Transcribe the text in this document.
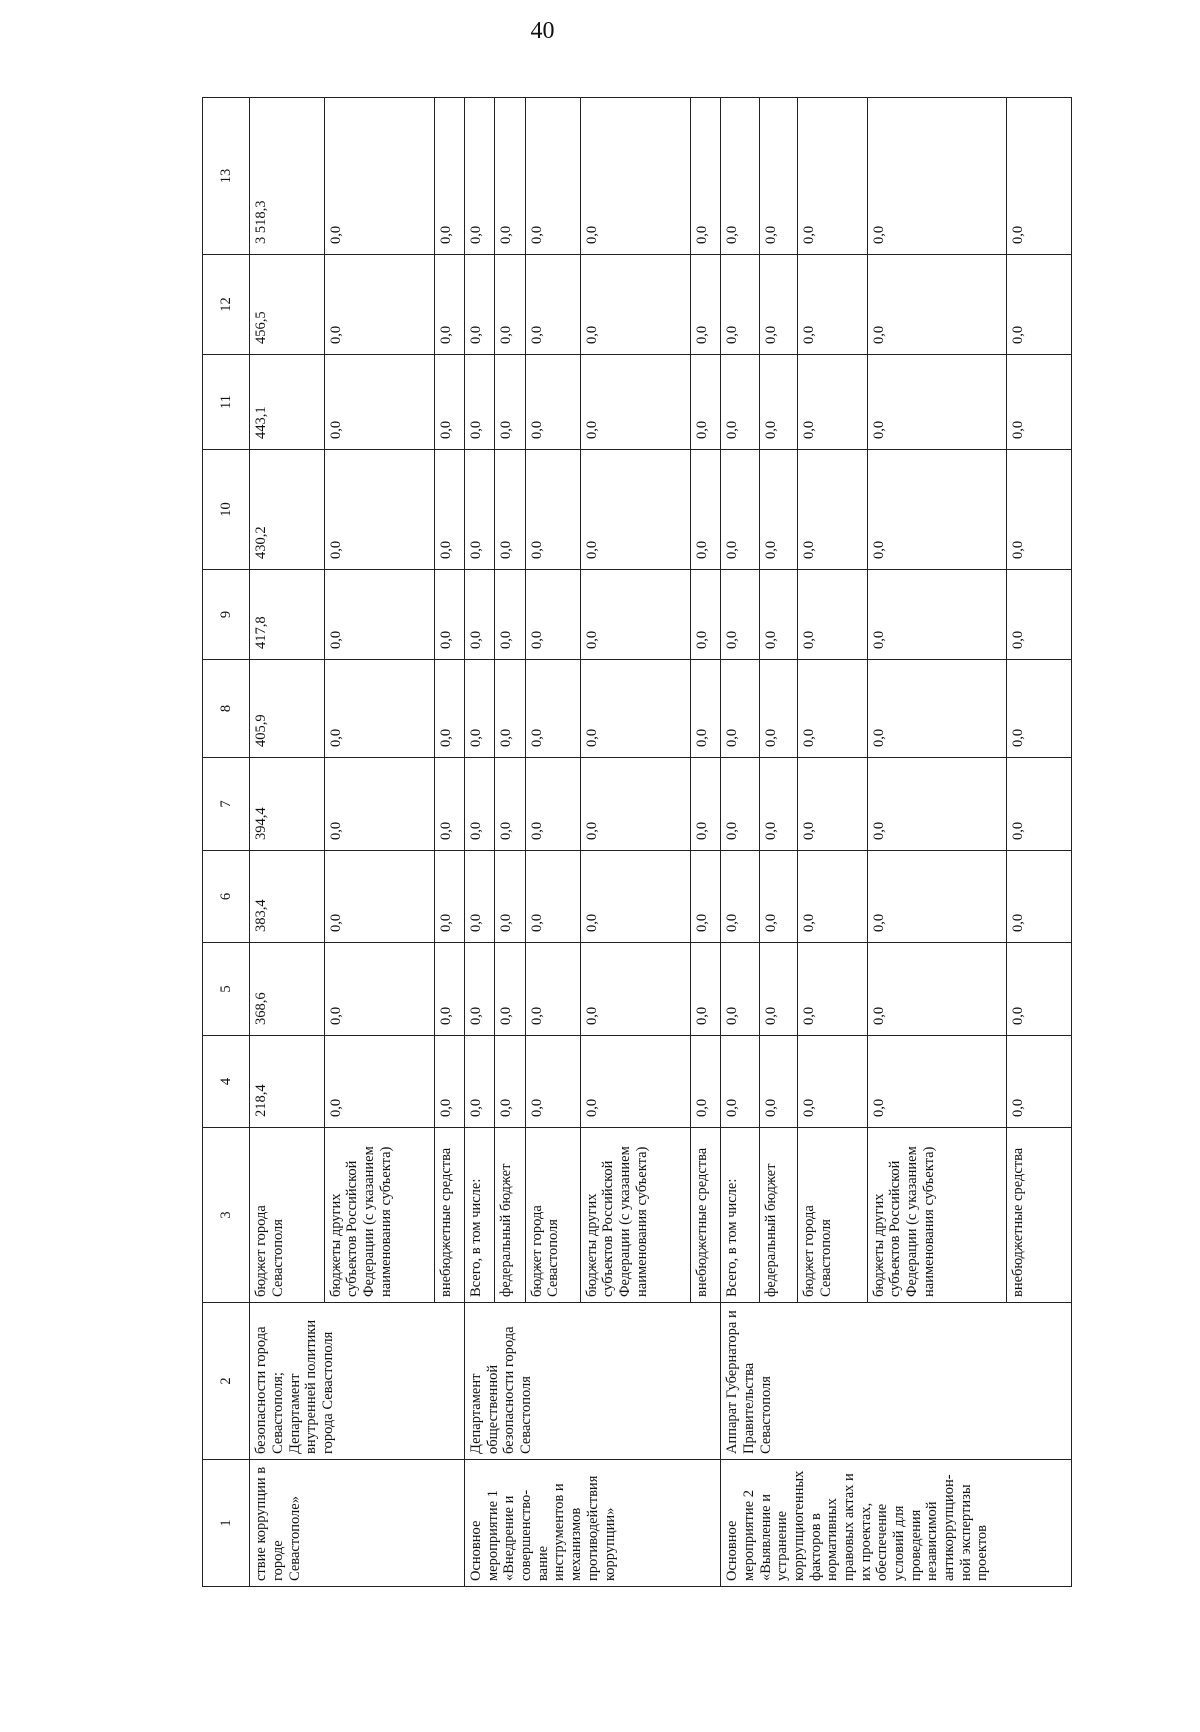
40
1	2	3	4	5	6	7	8	9	10	11	12	13
ствие коррупции в городе Севастополе»	безопасности города Севастополя; Департамент внутренней политики города Севастополя	бюджет города Севастополя	218,4	368,6	383,4	394,4	405,9	417,8	430,2	443,1	456,5	3 518,3
		бюджеты других субъектов Российской Федерации (с указанием наименования субъекта)	0,0	0,0	0,0	0,0	0,0	0,0	0,0	0,0	0,0	0,0
		внебюджетные средства	0,0	0,0	0,0	0,0	0,0	0,0	0,0	0,0	0,0	0,0
Основное мероприятие 1 «Внедрение и совершенство- вание инструментов и механизмов противодействия коррупции»	Департамент общественной безопасности города Севастополя	Всего, в том числе:	0,0	0,0	0,0	0,0	0,0	0,0	0,0	0,0	0,0	0,0
		федеральный бюджет	0,0	0,0	0,0	0,0	0,0	0,0	0,0	0,0	0,0	0,0
		бюджет города Севастополя	0,0	0,0	0,0	0,0	0,0	0,0	0,0	0,0	0,0	0,0
		бюджеты других субъектов Российской Федерации (с указанием наименования субъекта)	0,0	0,0	0,0	0,0	0,0	0,0	0,0	0,0	0,0	0,0
		внебюджетные средства	0,0	0,0	0,0	0,0	0,0	0,0	0,0	0,0	0,0	0,0
Основное мероприятие 2 «Выявление и устранение коррупциогенных факторов в нормативных правовых актах и их проектах, обеспечение условий для проведения независимой антикоррупцион- ной экспертизы проектов	Аппарат Губернатора и Правительства Севастополя	Всего, в том числе:	0,0	0,0	0,0	0,0	0,0	0,0	0,0	0,0	0,0	0,0
		федеральный бюджет	0,0	0,0	0,0	0,0	0,0	0,0	0,0	0,0	0,0	0,0
		бюджет города Севастополя	0,0	0,0	0,0	0,0	0,0	0,0	0,0	0,0	0,0	0,0
		бюджеты других субъектов Российской Федерации (с указанием наименования субъекта)	0,0	0,0	0,0	0,0	0,0	0,0	0,0	0,0	0,0	0,0
		внебюджетные средства	0,0	0,0	0,0	0,0	0,0	0,0	0,0	0,0	0,0	0,0
